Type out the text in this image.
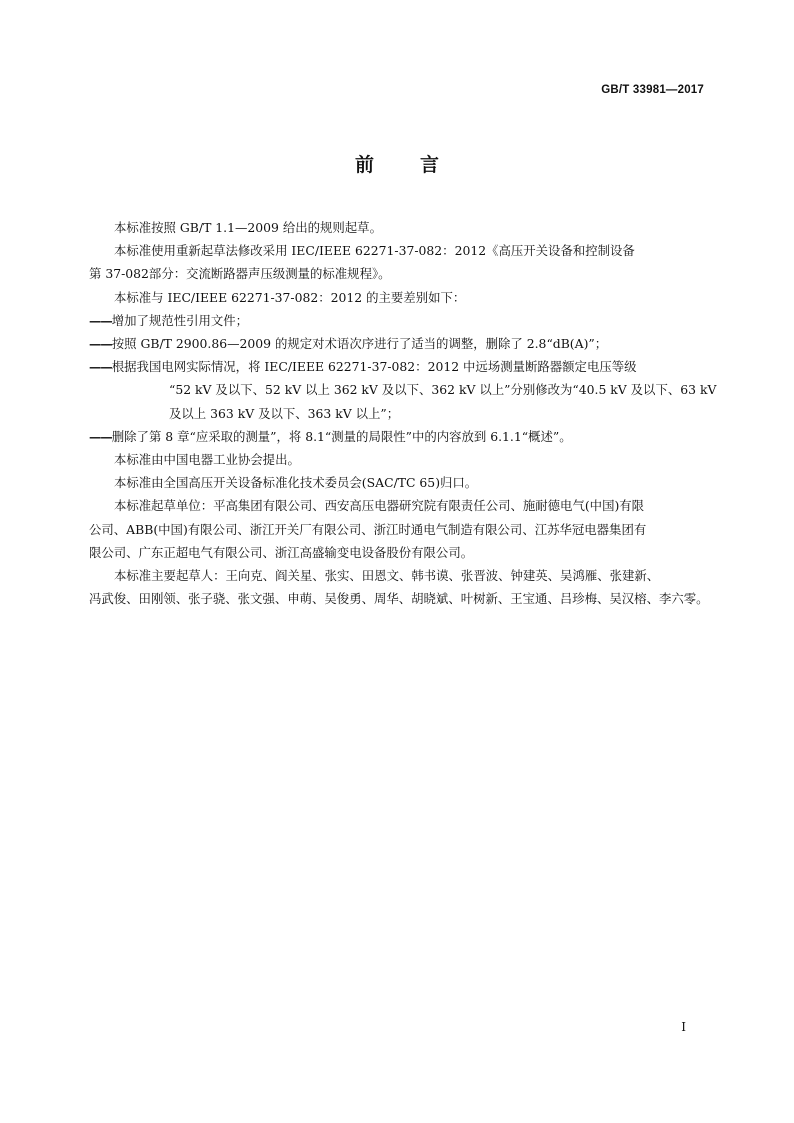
GB/T 33981—2017
前 言

本标准按照 GB/T 1.1—2009 给出的规则起草。

本标准使用重新起草法修改采用 IEC/IEEE 62271-37-082：2012《高压开关设备和控制设备

第 37-082部分：交流断路器声压级测量的标准规程》。

本标准与 IEC/IEEE 62271-37-082：2012 的主要差别如下：

——增加了规范性引用文件；

——按照 GB/T 2900.86—2009 的规定对术语次序进行了适当的调整，删除了 2.8“dB(A)”；

——根据我国电网实际情况，将 IEC/IEEE 62271-37-082：2012 中远场测量断路器额定电压等级

“52 kV 及以下、52 kV 以上 362 kV 及以下、362 kV 以上”分别修改为“40.5 kV 及以下、63 kV

及以上 363 kV 及以下、363 kV 以上”；

——删除了第 8 章“应采取的测量”，将 8.1“测量的局限性”中的内容放到 6.1.1“概述”。

本标准由中国电器工业协会提出。

本标准由全国高压开关设备标准化技术委员会(SAC/TC 65)归口。

本标准起草单位：平高集团有限公司、西安高压电器研究院有限责任公司、施耐德电气(中国)有限

公司、ABB(中国)有限公司、浙江开关厂有限公司、浙江时通电气制造有限公司、江苏华冠电器集团有

限公司、广东正超电气有限公司、浙江高盛输变电设备股份有限公司。

本标准主要起草人：王向克、阎关星、张实、田恩文、韩书谟、张晋波、钟建英、吴鸿雁、张建新、

冯武俊、田刚领、张子骁、张文强、申萌、吴俊勇、周华、胡晓斌、叶树新、王宝通、吕珍梅、吴汉榕、李六零。

I
